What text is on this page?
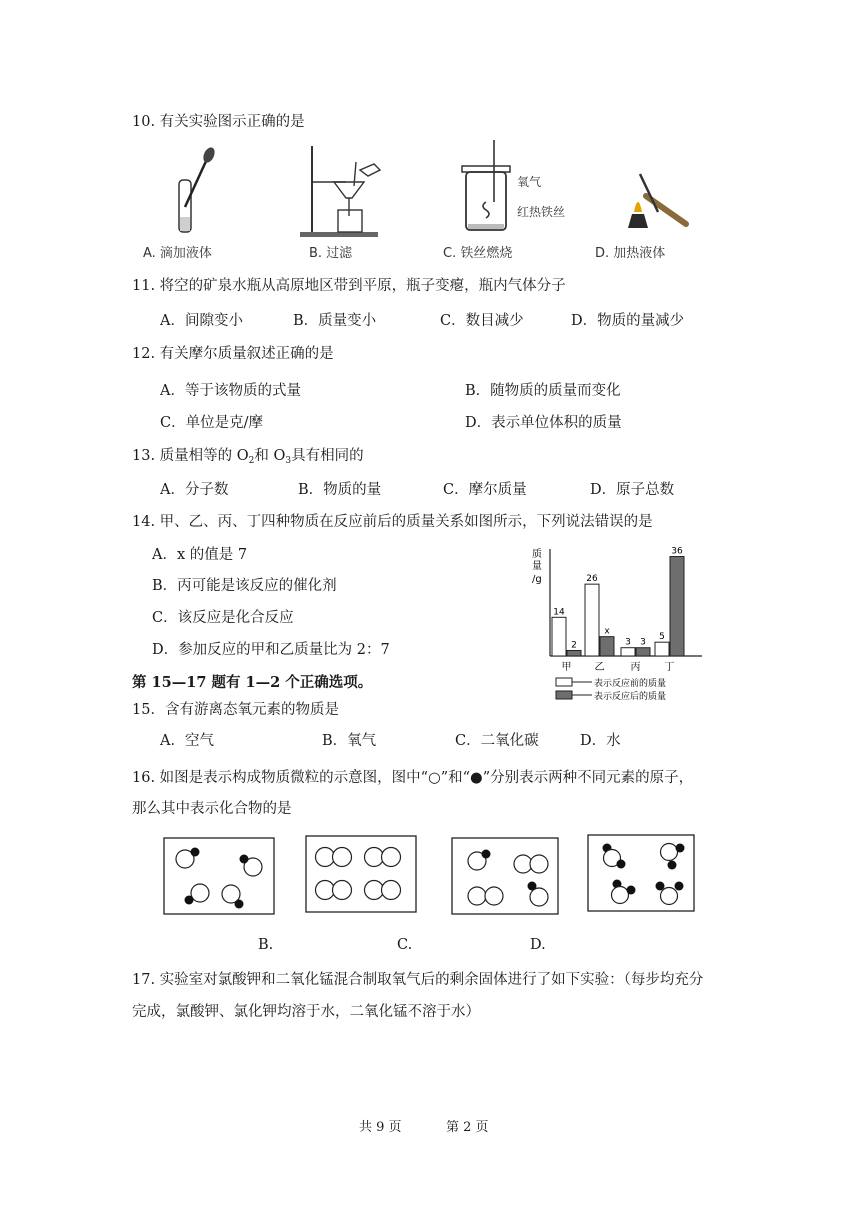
10. 有关实验图示正确的是
A. 滴加液体	B. 过滤
氧气
红热铁丝
C. 铁丝燃烧	D. 加热液体
11. 将空的矿泉水瓶从高原地区带到平原，瓶子变瘪，瓶内气体分子
A．间隙变小	B．质量变小	C．数目减少	D．物质的量减少
12. 有关摩尔质量叙述正确的是
A．等于该物质的式量	B．随物质的质量而变化
C．单位是克/摩	D．表示单位体积的质量
13. 质量相等的 $O_2$和 $O_3$具有相同的
A．分子数	B．物质的量	C．摩尔质量	D．原子总数
14. 甲、乙、丙、丁四种物质在反应前后的质量关系如图所示，下列说法错误的是
A．x 的值是 7
B．丙可能是该反应的催化剂
C．该反应是化合反应
D．参加反应的甲和乙质量比为 2：7
质
量
/g
14
2
26
x
3 3
5
36
甲 乙	丙 丁
表示反应前的质量
表示反应后的质量
第 15—17 题有 1—2 个正确选项。
15．含有游离态氧元素的物质是
A．空气	B．氧气	C．二氧化碳	D．水
16. 如图是表示构成物质微粒的示意图，图中“○”和“●”分别表示两种不同元素的原子，
那么其中表示化合物的是
B.	C.	D.
17. 实验室对氯酸钾和二氧化锰混合制取氧气后的剩余固体进行了如下实验：（每步均充分
完成，氯酸钾、氯化钾均溶于水，二氧化锰不溶于水）
共 9 页	第 2 页
